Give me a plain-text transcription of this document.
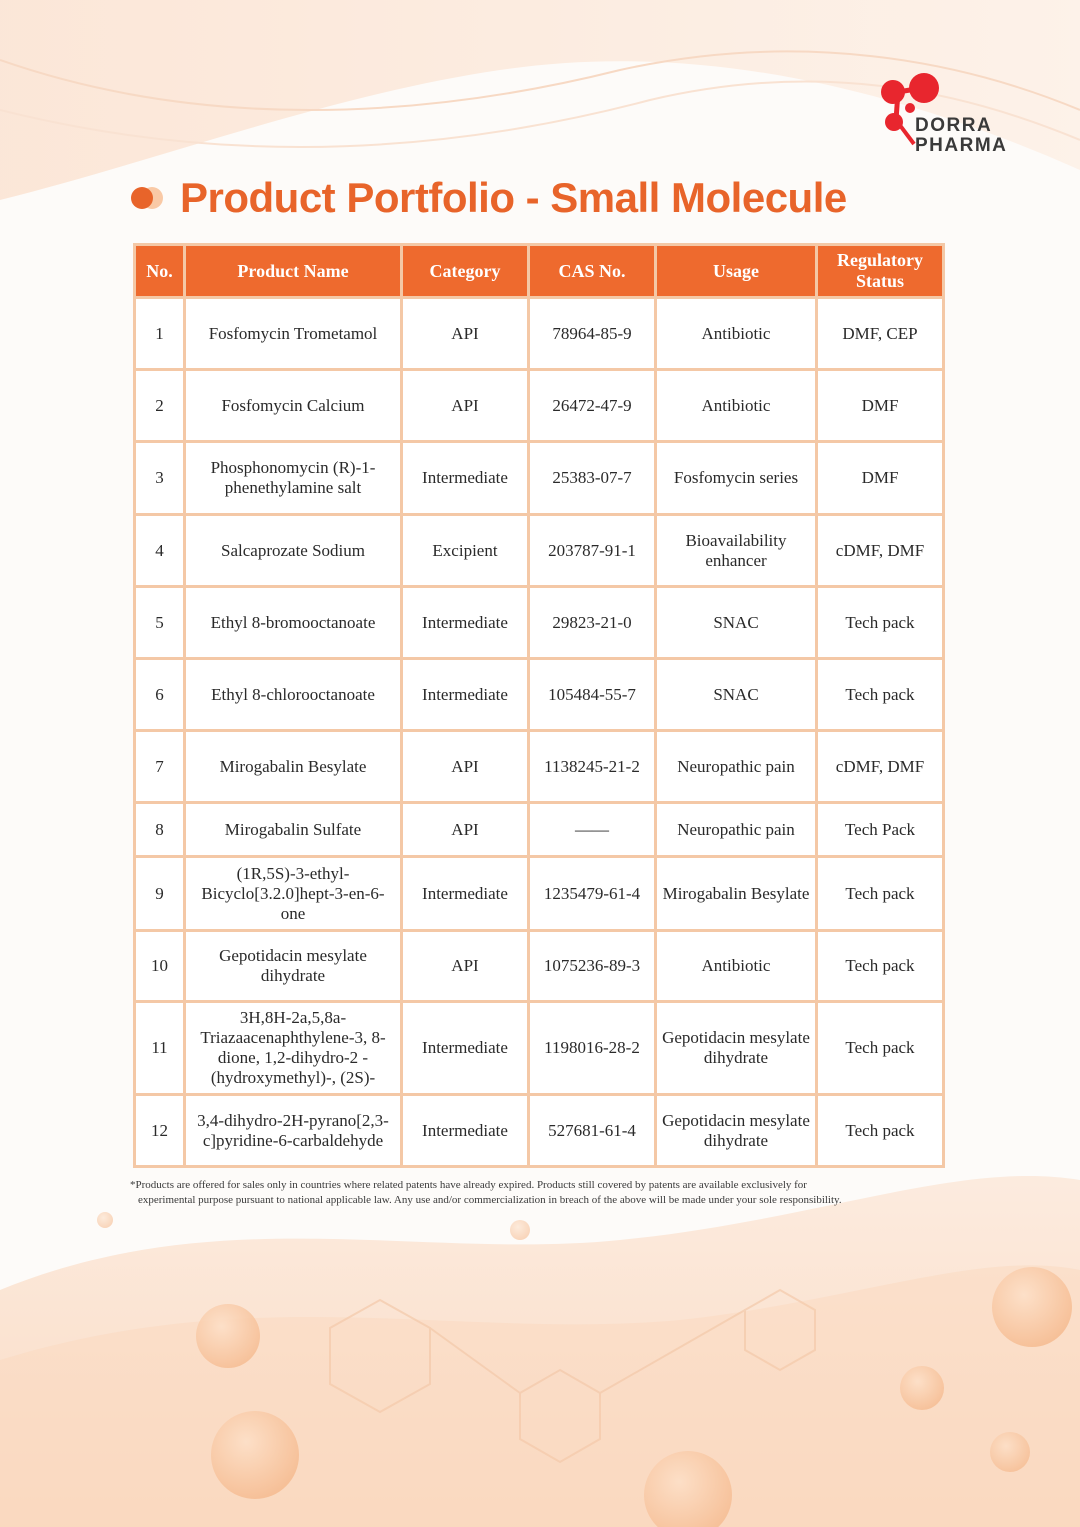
DORRA
PHARMA
Product Portfolio - Small Molecule
No.	Product Name	Category	CAS No.	Usage	Regulatory Status
1	Fosfomycin Trometamol	API	78964-85-9	Antibiotic	DMF, CEP
2	Fosfomycin Calcium	API	26472-47-9	Antibiotic	DMF
3	Phosphonomycin (R)-1-phenethylamine salt	Intermediate	25383-07-7	Fosfomycin series	DMF
4	Salcaprozate Sodium	Excipient	203787-91-1	Bioavailability enhancer	cDMF, DMF
5	Ethyl 8-bromooctanoate	Intermediate	29823-21-0	SNAC	Tech pack
6	Ethyl 8-chlorooctanoate	Intermediate	105484-55-7	SNAC	Tech pack
7	Mirogabalin Besylate	API	1138245-21-2	Neuropathic pain	cDMF, DMF
8	Mirogabalin Sulfate	API	——	Neuropathic pain	Tech Pack
9	(1R,5S)-3-ethyl-Bicyclo[3.2.0]hept-3-en-6-one	Intermediate	1235479-61-4	Mirogabalin Besylate	Tech pack
10	Gepotidacin mesylate dihydrate	API	1075236-89-3	Antibiotic	Tech pack
11	3H,8H-2a,5,8a-Triazaacenaphthylene-3, 8-dione, 1,2-dihydro-2 -(hydroxymethyl)-, (2S)-	Intermediate	1198016-28-2	Gepotidacin mesylate dihydrate	Tech pack
12	3,4-dihydro-2H-pyrano[2,3-c]pyridine-6-carbaldehyde	Intermediate	527681-61-4	Gepotidacin mesylate dihydrate	Tech pack
*Products are offered for sales only in countries where related patents have already expired. Products still covered by patents are available exclusively for
experimental purpose pursuant to national applicable law. Any use and/or commercialization in breach of the above will be made under your sole responsibility.
